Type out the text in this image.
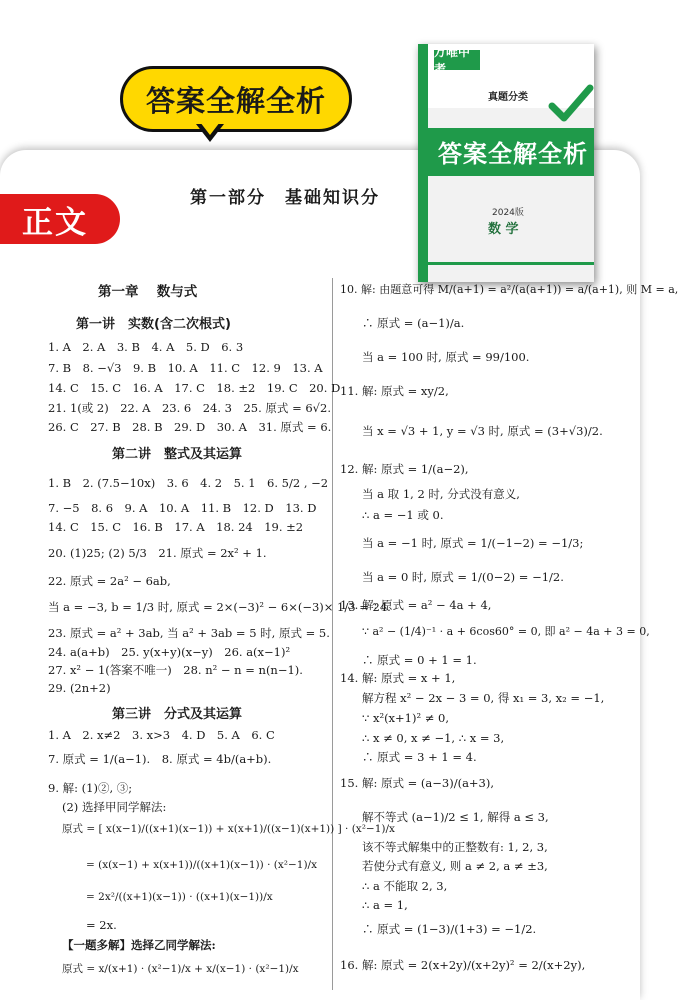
答案全解全析
第一部分　基础知识分
正文
万唯中考
真题分类
答案全解全析
2024版
数 学
第一章　 数与式
第一讲　实数(含二次根式)
第二讲　整式及其运算
第三讲　分式及其运算
1. A　2. A　3. B　4. A　5. D　6. 3
7. B　8. −√3　9. B　10. A　11. C　12. 9　13. A
14. C　15. C　16. A　17. C　18. ±2　19. C　20. D
21. 1(或 2)　22. A　23. 6　24. 3　25. 原式 = 6√2.
26. C　27. B　28. B　29. D　30. A　31. 原式 = 6.
1. B　2. (7.5−10x)　3. 6　4. 2　5. 1　6. 5/2 , −2
7. −5　8. 6　9. A　10. A　11. B　12. D　13. D
14. C　15. C　16. B　17. A　18. 24　19. ±2
20. (1)25; (2) 5/3　21. 原式 = 2x² + 1.
22. 原式 = 2a² − 6ab,
当 a = −3, b = 1/3 时, 原式 = 2×(−3)² − 6×(−3)× 1/3 = 24.
23. 原式 = a² + 3ab, 当 a² + 3ab = 5 时, 原式 = 5.
24. a(a+b)　25. y(x+y)(x−y)　26. a(x−1)²
27. x² − 1(答案不唯一)　28. n² − n = n(n−1).
29. (2n+2)
1. A　2. x≠2　3. x>3　4. D　5. A　6. C
7. 原式 = 1/(a−1).　8. 原式 = 4b/(a+b).
9. 解: (1)②, ③;
(2) 选择甲同学解法:
原式 = [ x(x−1)/((x+1)(x−1)) + x(x+1)/((x−1)(x+1)) ] · (x²−1)/x
= (x(x−1) + x(x+1))/((x+1)(x−1)) · (x²−1)/x
= 2x²/((x+1)(x−1)) · ((x+1)(x−1))/x
= 2x.
【一题多解】选择乙同学解法:
原式 = x/(x+1) · (x²−1)/x + x/(x−1) · (x²−1)/x
10. 解: 由题意可得 M/(a+1) = a²/(a(a+1)) = a/(a+1), 则 M = a,
∴ 原式 = (a−1)/a.
当 a = 100 时, 原式 = 99/100.
11. 解: 原式 = xy/2,
当 x = √3 + 1, y = √3 时, 原式 = (3+√3)/2.
12. 解: 原式 = 1/(a−2),
当 a 取 1, 2 时, 分式没有意义,
∴ a = −1 或 0.
当 a = −1 时, 原式 = 1/(−1−2) = −1/3;
当 a = 0 时, 原式 = 1/(0−2) = −1/2.
13. 解: 原式 = a² − 4a + 4,
∵ a² − (1/4)⁻¹ · a + 6cos60° = 0, 即 a² − 4a + 3 = 0,
∴ 原式 = 0 + 1 = 1.
14. 解: 原式 = x + 1,
解方程 x² − 2x − 3 = 0, 得 x₁ = 3, x₂ = −1,
∵ x²(x+1)² ≠ 0,
∴ x ≠ 0, x ≠ −1, ∴ x = 3,
∴ 原式 = 3 + 1 = 4.
15. 解: 原式 = (a−3)/(a+3),
解不等式 (a−1)/2 ≤ 1, 解得 a ≤ 3,
该不等式解集中的正整数有: 1, 2, 3,
若使分式有意义, 则 a ≠ 2, a ≠ ±3,
∴ a 不能取 2, 3,
∴ a = 1,
∴ 原式 = (1−3)/(1+3) = −1/2.
16. 解: 原式 = 2(x+2y)/(x+2y)² = 2/(x+2y),
